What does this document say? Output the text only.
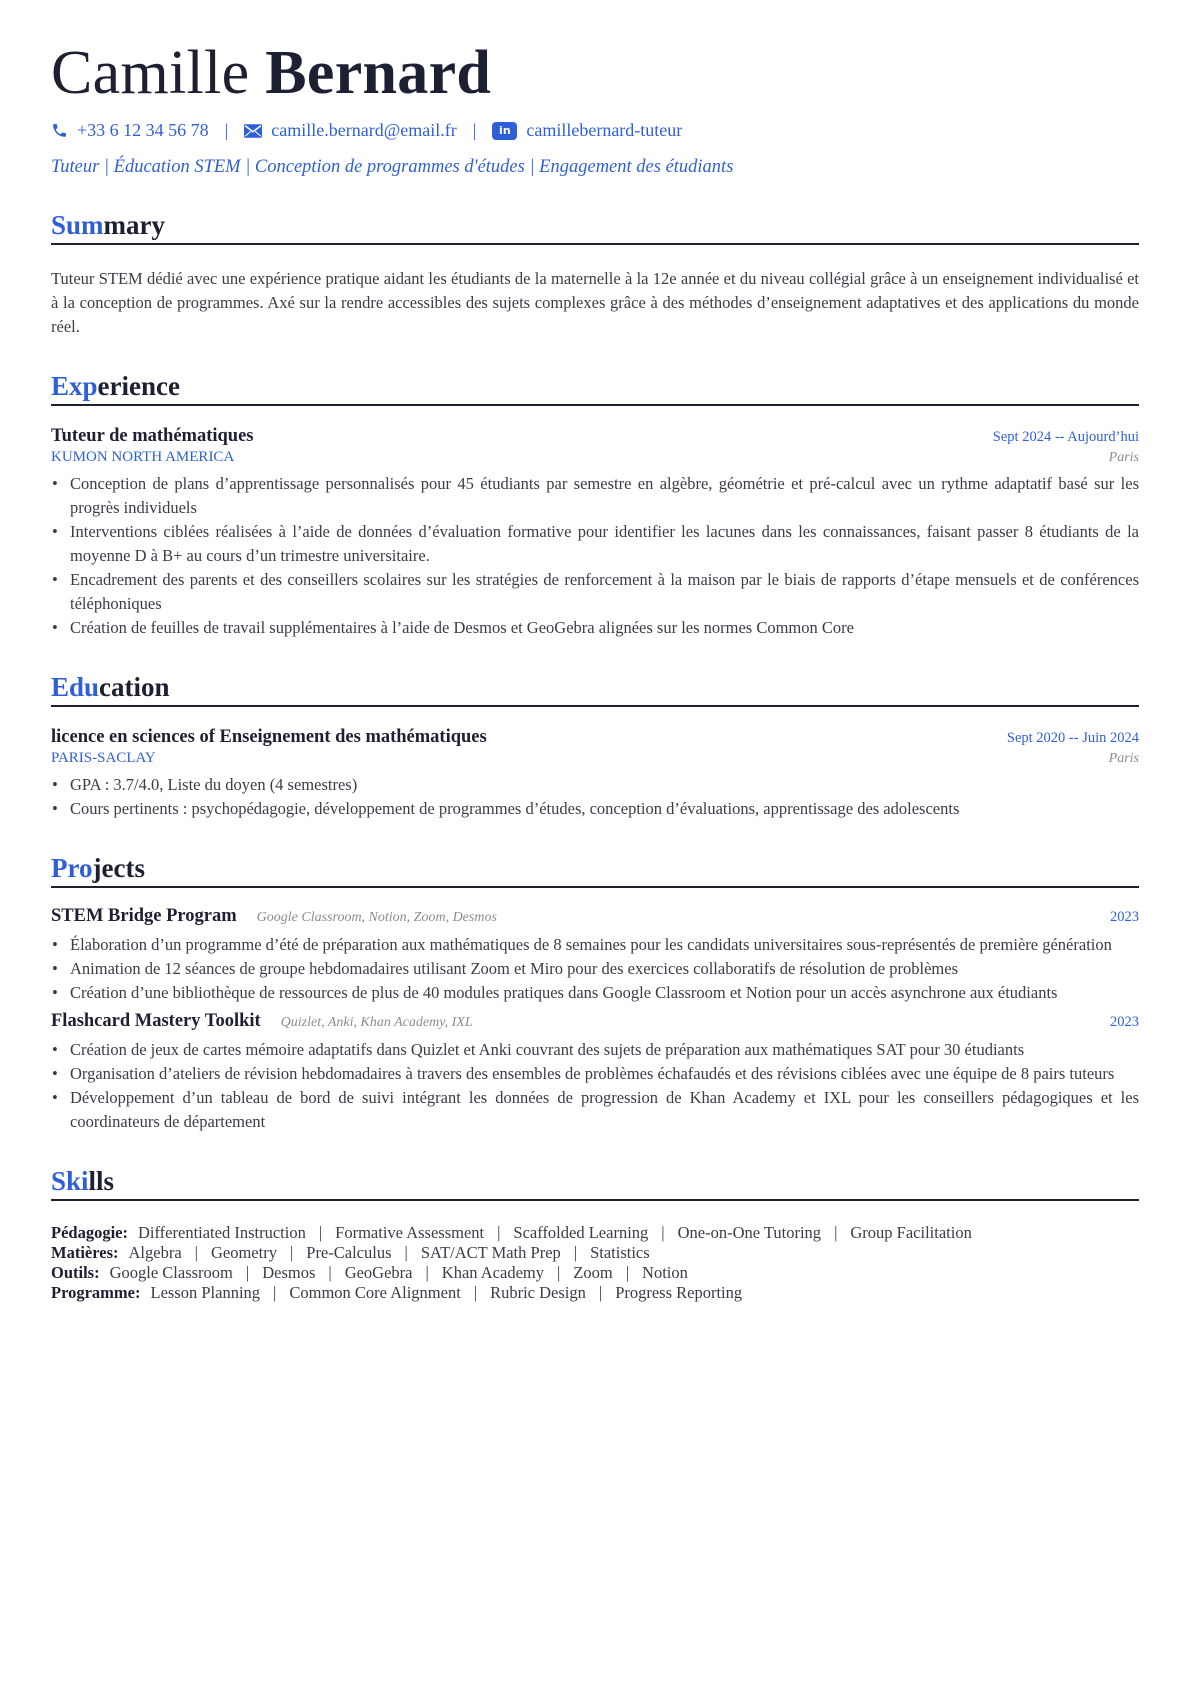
Camille Bernard
+33 6 12 34 56 78 | camille.bernard@email.fr |	in camillebernard-tuteur
Tuteur | Éducation STEM | Conception de programmes d'études | Engagement des étudiants
Summary
Tuteur STEM dédié avec une expérience pratique aidant les étudiants de la maternelle à la 12e année et du niveau collégial grâce à un enseignement individualisé et à la conception de programmes. Axé sur la rendre accessibles des sujets complexes grâce à des méthodes d’enseignement adaptatives et des applications du monde réel.
Experience
Tuteur de mathématiques	Sept 2024 -- Aujourd’hui
KUMON NORTH AMERICA	Paris
• Conception de plans d’apprentissage personnalisés pour 45 étudiants par semestre en algèbre, géométrie et pré-calcul avec un rythme adaptatif basé sur les progrès individuels
• Interventions ciblées réalisées à l’aide de données d’évaluation formative pour identifier les lacunes dans les connaissances, faisant passer 8 étudiants de la moyenne D à B+ au cours d’un trimestre universitaire.
• Encadrement des parents et des conseillers scolaires sur les stratégies de renforcement à la maison par le biais de rapports d’étape mensuels et de conférences téléphoniques
• Création de feuilles de travail supplémentaires à l’aide de Desmos et GeoGebra alignées sur les normes Common Core
Education
licence en sciences of Enseignement des mathématiques	Sept 2020 -- Juin 2024
PARIS-SACLAY	Paris
• GPA : 3.7/4.0, Liste du doyen (4 semestres)
• Cours pertinents : psychopédagogie, développement de programmes d’études, conception d’évaluations, apprentissage des adolescents
Projects
STEM Bridge Program Google Classroom, Notion, Zoom, Desmos	2023
• Élaboration d’un programme d’été de préparation aux mathématiques de 8 semaines pour les candidats universitaires sous-représentés de première génération
• Animation de 12 séances de groupe hebdomadaires utilisant Zoom et Miro pour des exercices collaboratifs de résolution de problèmes
• Création d’une bibliothèque de ressources de plus de 40 modules pratiques dans Google Classroom et Notion pour un accès asynchrone aux étudiants
Flashcard Mastery Toolkit Quizlet, Anki, Khan Academy, IXL	2023
• Création de jeux de cartes mémoire adaptatifs dans Quizlet et Anki couvrant des sujets de préparation aux mathématiques SAT pour 30 étudiants
• Organisation d’ateliers de révision hebdomadaires à travers des ensembles de problèmes échafaudés et des révisions ciblées avec une équipe de 8 pairs tuteurs
• Développement d’un tableau de bord de suivi intégrant les données de progression de Khan Academy et IXL pour les conseillers pédagogiques et les coordinateurs de département
Skills
Pédagogie: Differentiated Instruction | Formative Assessment | Scaffolded Learning | One-on-One Tutoring | Group Facilitation
Matières: Algebra | Geometry | Pre-Calculus | SAT/ACT Math Prep | Statistics
Outils: Google Classroom | Desmos | GeoGebra | Khan Academy | Zoom | Notion
Programme: Lesson Planning | Common Core Alignment | Rubric Design | Progress Reporting
